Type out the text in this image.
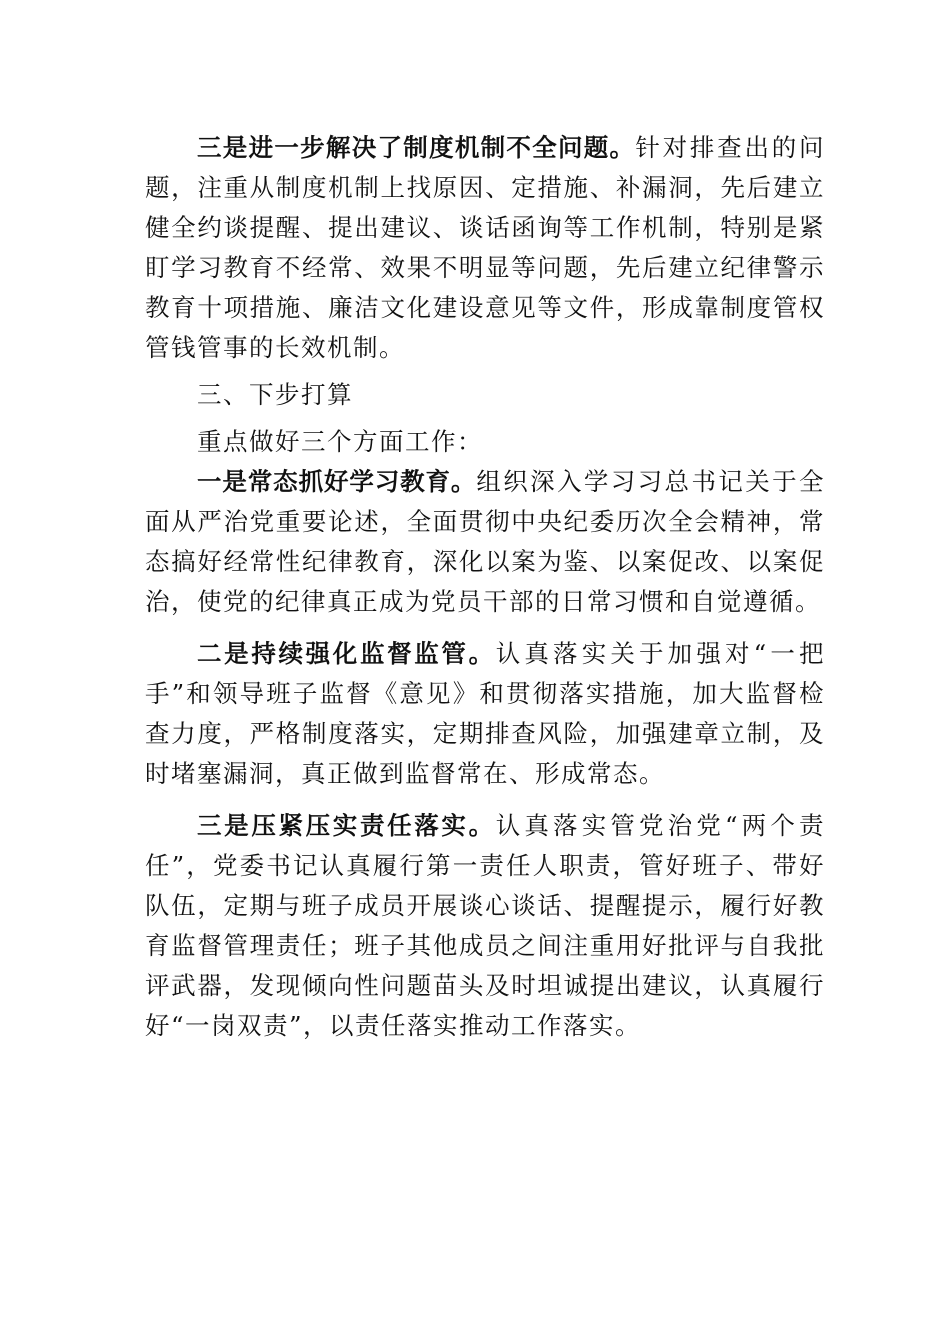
三是进一步解决了制度机制不全问题。针对排查出的问题，注重从制度机制上找原因、定措施、补漏洞，先后建立健全约谈提醒、提出建议、谈话函询等工作机制，特别是紧盯学习教育不经常、效果不明显等问题，先后建立纪律警示教育十项措施、廉洁文化建设意见等文件，形成靠制度管权管钱管事的长效机制。

三、下步打算

重点做好三个方面工作：

一是常态抓好学习教育。组织深入学习习总书记关于全面从严治党重要论述，全面贯彻中央纪委历次全会精神，常态搞好经常性纪律教育，深化以案为鉴、以案促改、以案促治，使党的纪律真正成为党员干部的日常习惯和自觉遵循。

二是持续强化监督监管。认真落实关于加强对“一把手”和领导班子监督《意见》和贯彻落实措施，加大监督检查力度，严格制度落实，定期排查风险，加强建章立制，及时堵塞漏洞，真正做到监督常在、形成常态。

三是压紧压实责任落实。认真落实管党治党“两个责任”，党委书记认真履行第一责任人职责，管好班子、带好队伍，定期与班子成员开展谈心谈话、提醒提示，履行好教育监督管理责任；班子其他成员之间注重用好批评与自我批评武器，发现倾向性问题苗头及时坦诚提出建议，认真履行好“一岗双责”，以责任落实推动工作落实。
